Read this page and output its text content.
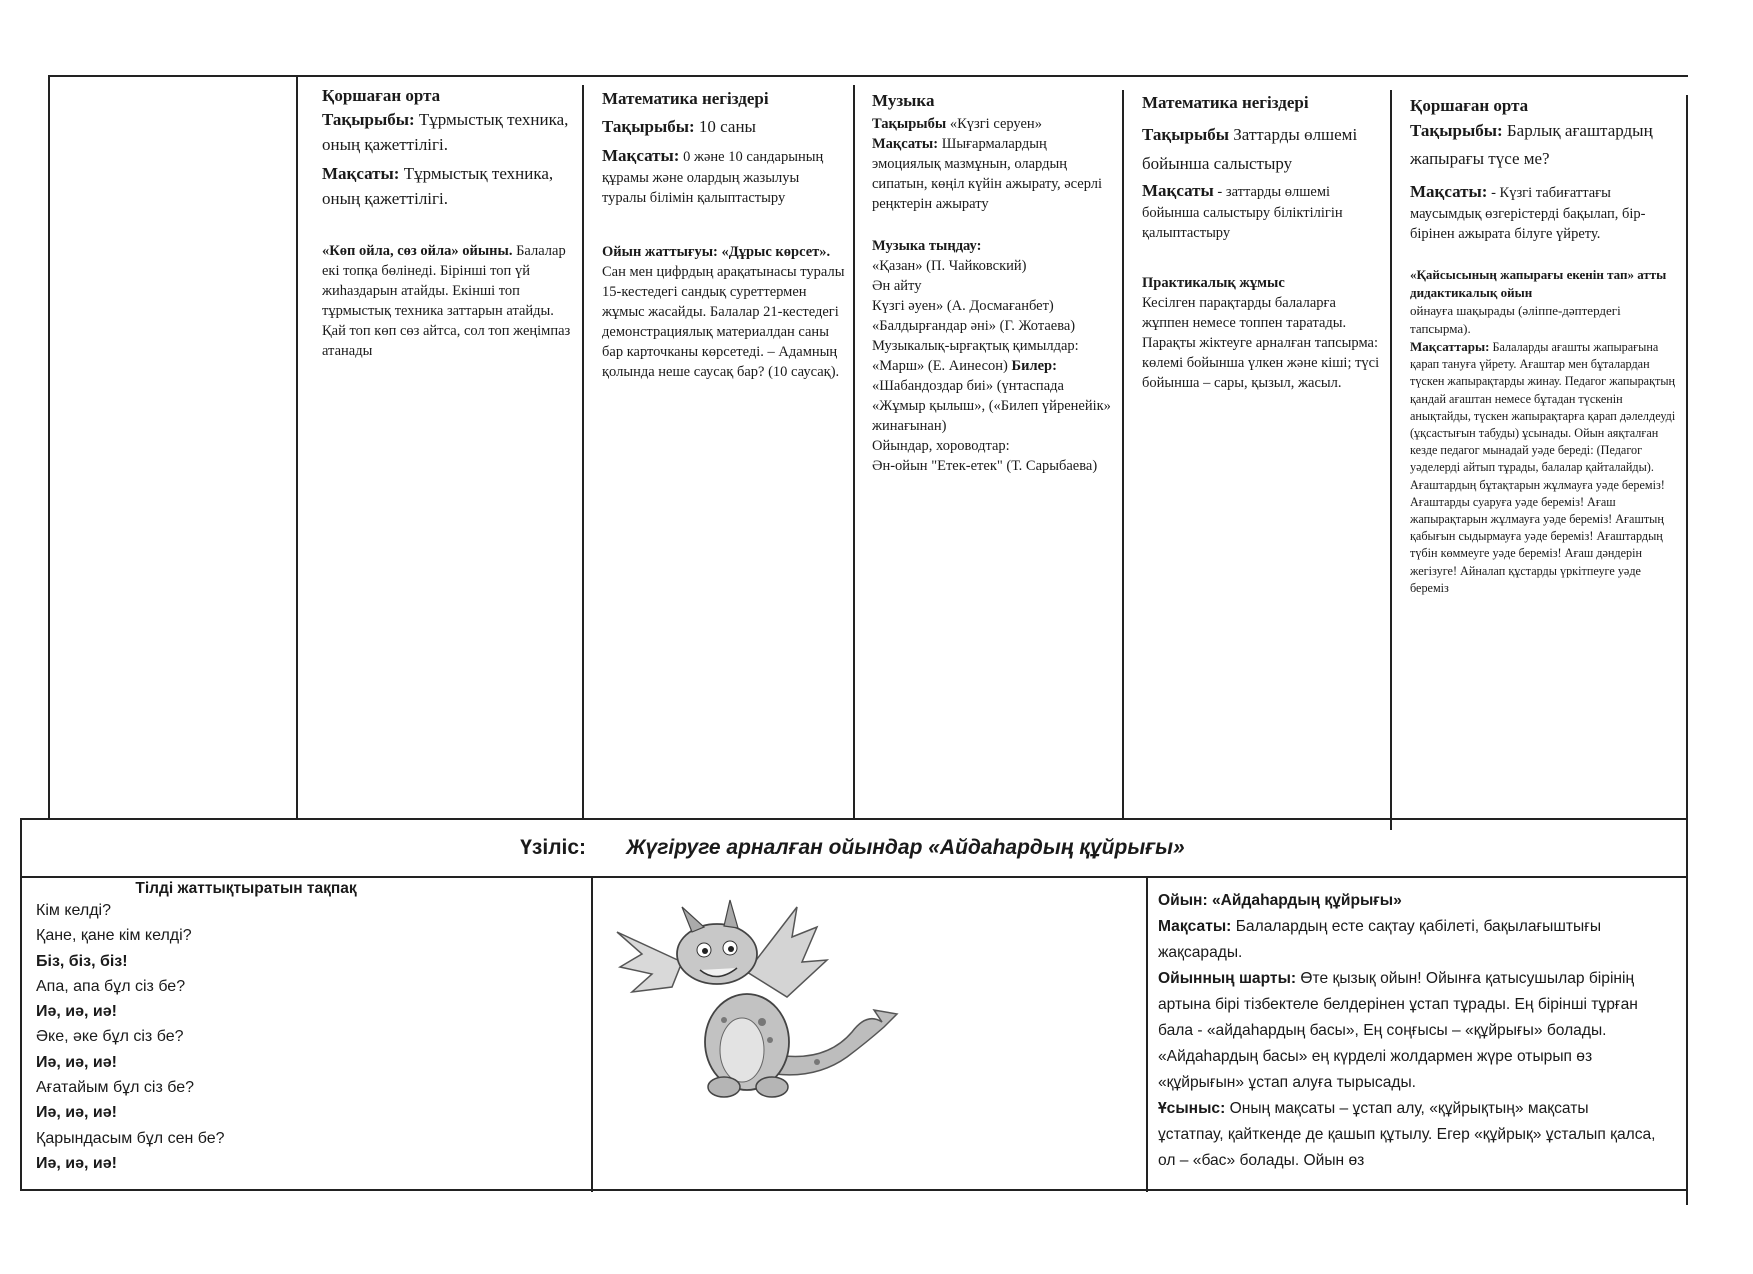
Қоршаған орта

Тақырыбы: Тұрмыстық техника, оның қажеттілігі.

Мақсаты: Тұрмыстық техника, оның қажеттілігі.

«Көп ойла, сөз ойла» ойыны. Балалар екі топқа бөлінеді. Бірінші топ үй жиһаздарын атайды. Екінші топ тұрмыстық техника заттарын атайды. Қай топ көп сөз айтса, сол топ жеңімпаз атанады

Математика негіздері

Тақырыбы: 10 саны

Мақсаты: 0 және 10 сандарының құрамы және олардың жазылуы туралы білімін қалыптастыру

Ойын жаттығуы: «Дұрыс көрсет». Сан мен цифрдың арақатынасы туралы 15-кестедегі сандық суреттермен жұмыс жасайды. Балалар 21-кестедегі демонстрациялық материалдан саны бар карточканы көрсетеді. – Адамның қолында неше саусақ бар? (10 саусақ).

Музыка

Тақырыбы «Күзгі серуен»

Мақсаты: Шығармалардың эмоциялық мазмұнын, олардың сипатын, көңіл күйін ажырату, әсерлі реңктерін ажырату

Музыка тыңдау:

«Қазан» (П. Чайковский)

Ән айту

Күзгі әуен» (А. Досмағанбет)

«Балдырғандар әні» (Г. Жотаева)

Музыкалық-ырғақтық қимылдар:

«Марш» (Е. Аинесон) Билер:

«Шабандоздар биі» (үнтаспада «Жұмыр қылыш», («Билеп үйренейік» жинағынан)

Ойындар, хороводтар:

Ән-ойын "Етек-етек" (Т. Сарыбаева)

Математика негіздері

Тақырыбы Заттарды өлшемі бойынша салыстыру

Мақсаты - заттарды өлшемі бойынша салыстыру біліктілігін қалыптастыру

Практикалық жұмыс

Кесілген парақтарды балаларға жұппен немесе топпен таратады. Парақты жіктеуге арналған тапсырма: көлемі бойынша үлкен және кіші; түсі бойынша – сары, қызыл, жасыл.

Қоршаған орта

Тақырыбы: Барлық ағаштардың жапырағы түсе ме?

Мақсаты: - Күзгі табиғаттағы маусымдық өзгерістерді бақылап, бір-бірінен ажырата білуге үйрету.

«Қайсысының жапырағы екенін тап» атты дидактикалық ойын

ойнауға шақырады (әліппе-дәптердегі тапсырма).

Мақсаттары: Балаларды ағашты жапырағына қарап тануға үйрету. Ағаштар мен бұталардан түскен жапырақтарды жинау. Педагог жапырақтың қандай ағаштан немесе бұтадан түскенін анықтайды, түскен жапырақтарға қарап дәлелдеуді (ұқсастығын табуды) ұсынады. Ойын аяқталған кезде педагог мынадай уәде береді: (Педагог уәделерді айтып тұрады, балалар қайталайды). Ағаштардың бұтақтарын жұлмауға уәде береміз! Ағаштарды суаруға уәде береміз! Ағаш жапырақтарын жұлмауға уәде береміз! Ағаштың қабығын сыдырмауға уәде береміз! Ағаштардың түбін көммеуге уәде береміз! Ағаш дәндерін жегізуге! Айналап құстарды үркітпеуге уәде береміз

Үзіліс: Жүгіруге арналған ойындар «Айдаһардың құйрығы»

Тілді жаттықтыратын тақпақ

Кім келді?

Қане, қане кім келді?

Біз, біз, біз!

Апа, апа бұл сіз бе?

Иә, иә, иә!

Әке, әке бұл сіз бе?

Иә, иә, иә!

Ағатайым бұл сіз бе?

Иә, иә, иә!

Қарындасым бұл сен бе?

Иә, иә, иә!

Ойын: «Айдаһардың құйрығы»

Мақсаты: Балалардың есте сақтау қабілеті, бақылағыштығы жақсарады.

Ойынның шарты: Өте қызық ойын! Ойынға қатысушылар бірінің артына бірі тізбектеле белдерінен ұстап тұрады. Ең бірінші тұрған бала - «айдаһардың басы», Ең соңғысы – «құйрығы» болады. «Айдаһардың басы» ең күрделі жолдармен жүре отырып өз «құйрығын» ұстап алуға тырысады.

Ұсыныс: Оның мақсаты – ұстап алу, «құйрықтың» мақсаты ұстатпау, қайткенде де қашып құтылу. Егер «құйрық» ұсталып қалса, ол – «бас» болады. Ойын өз
